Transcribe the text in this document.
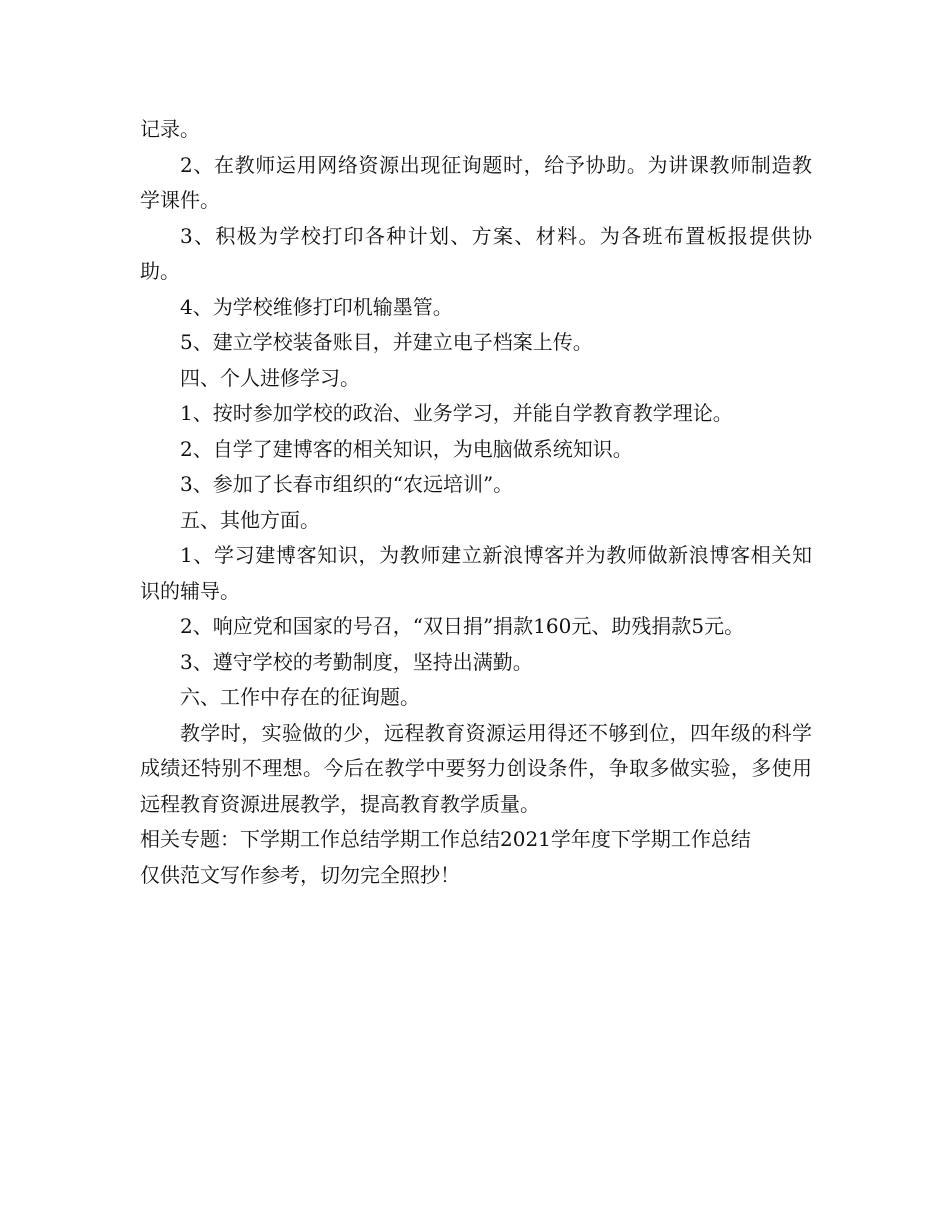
记录。

2、在教师运用网络资源出现征询题时，给予协助。为讲课教师制造教学课件。

3、积极为学校打印各种计划、方案、材料。为各班布置板报提供协助。

4、为学校维修打印机输墨管。

5、建立学校装备账目，并建立电子档案上传。

四、个人进修学习。

1、按时参加学校的政治、业务学习，并能自学教育教学理论。

2、自学了建博客的相关知识，为电脑做系统知识。

3、参加了长春市组织的“农远培训”。

五、其他方面。

1、学习建博客知识，为教师建立新浪博客并为教师做新浪博客相关知识的辅导。

2、响应党和国家的号召，“双日捐”捐款160元、助残捐款5元。

3、遵守学校的考勤制度，坚持出满勤。

六、工作中存在的征询题。

教学时，实验做的少，远程教育资源运用得还不够到位，四年级的科学成绩还特别不理想。今后在教学中要努力创设条件，争取多做实验，多使用远程教育资源进展教学，提高教育教学质量。

相关专题：下学期工作总结学期工作总结2021学年度下学期工作总结

仅供范文写作参考，切勿完全照抄！
